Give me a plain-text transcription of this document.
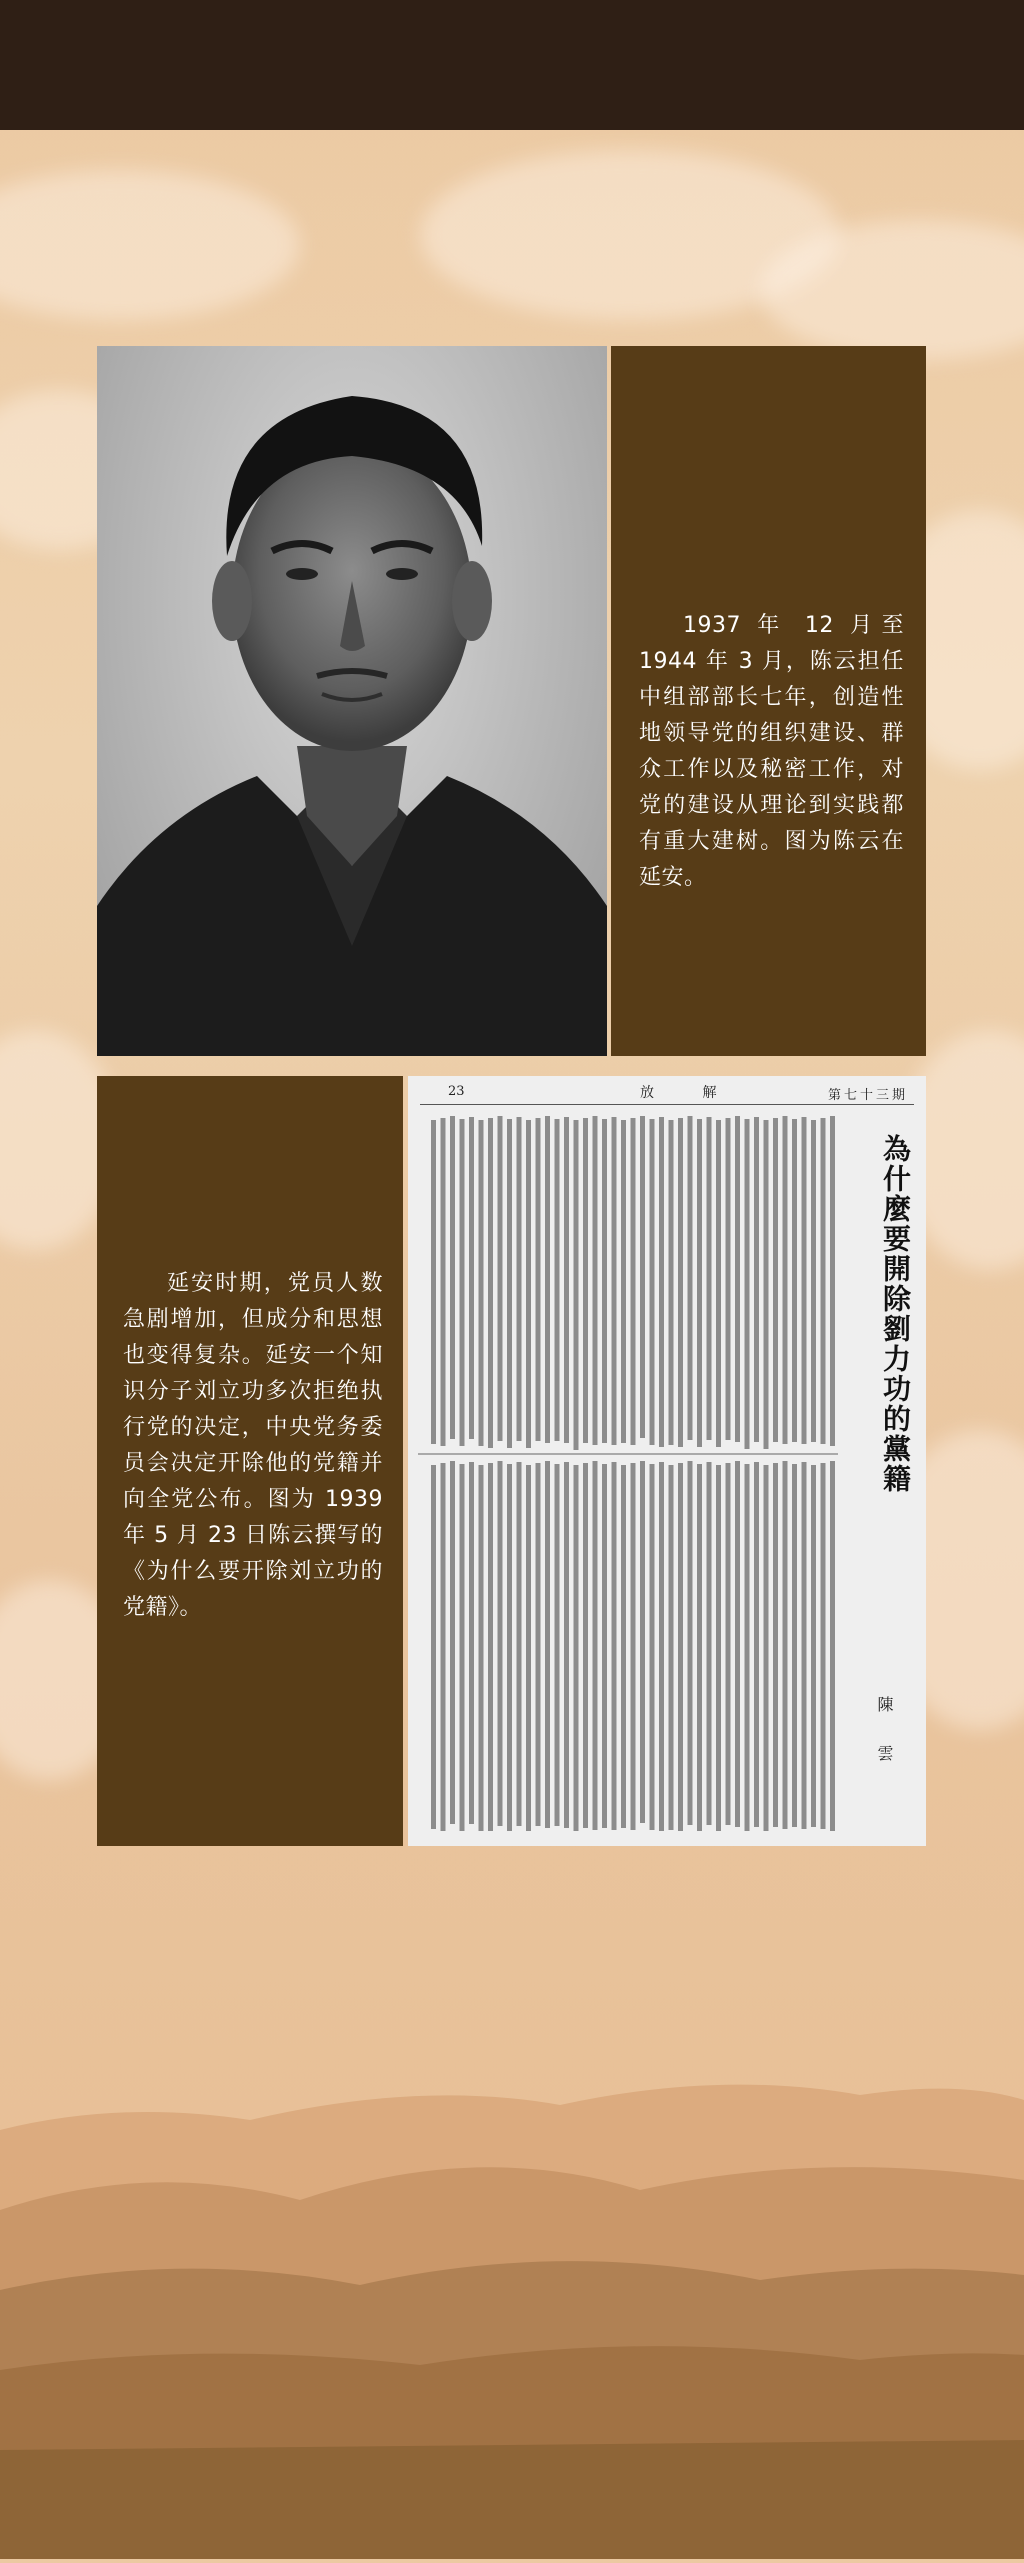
1937 年 12 月至 1944 年 3 月，陈云担任中组部部长七年，创造性地领导党的组织建设、群众工作以及秘密工作，对党的建设从理论到实践都有重大建树。图为陈云在延安。
延安时期，党员人数急剧增加，但成分和思想也变得复杂。延安一个知识分子刘立功多次拒绝执行党的决定，中央党务委员会决定开除他的党籍并向全党公布。图为 1939 年 5 月 23 日陈云撰写的《为什么要开除刘立功的党籍》。
23	放 解	第七十三期
為什麼要開除劉力功的黨籍
陳 雲
